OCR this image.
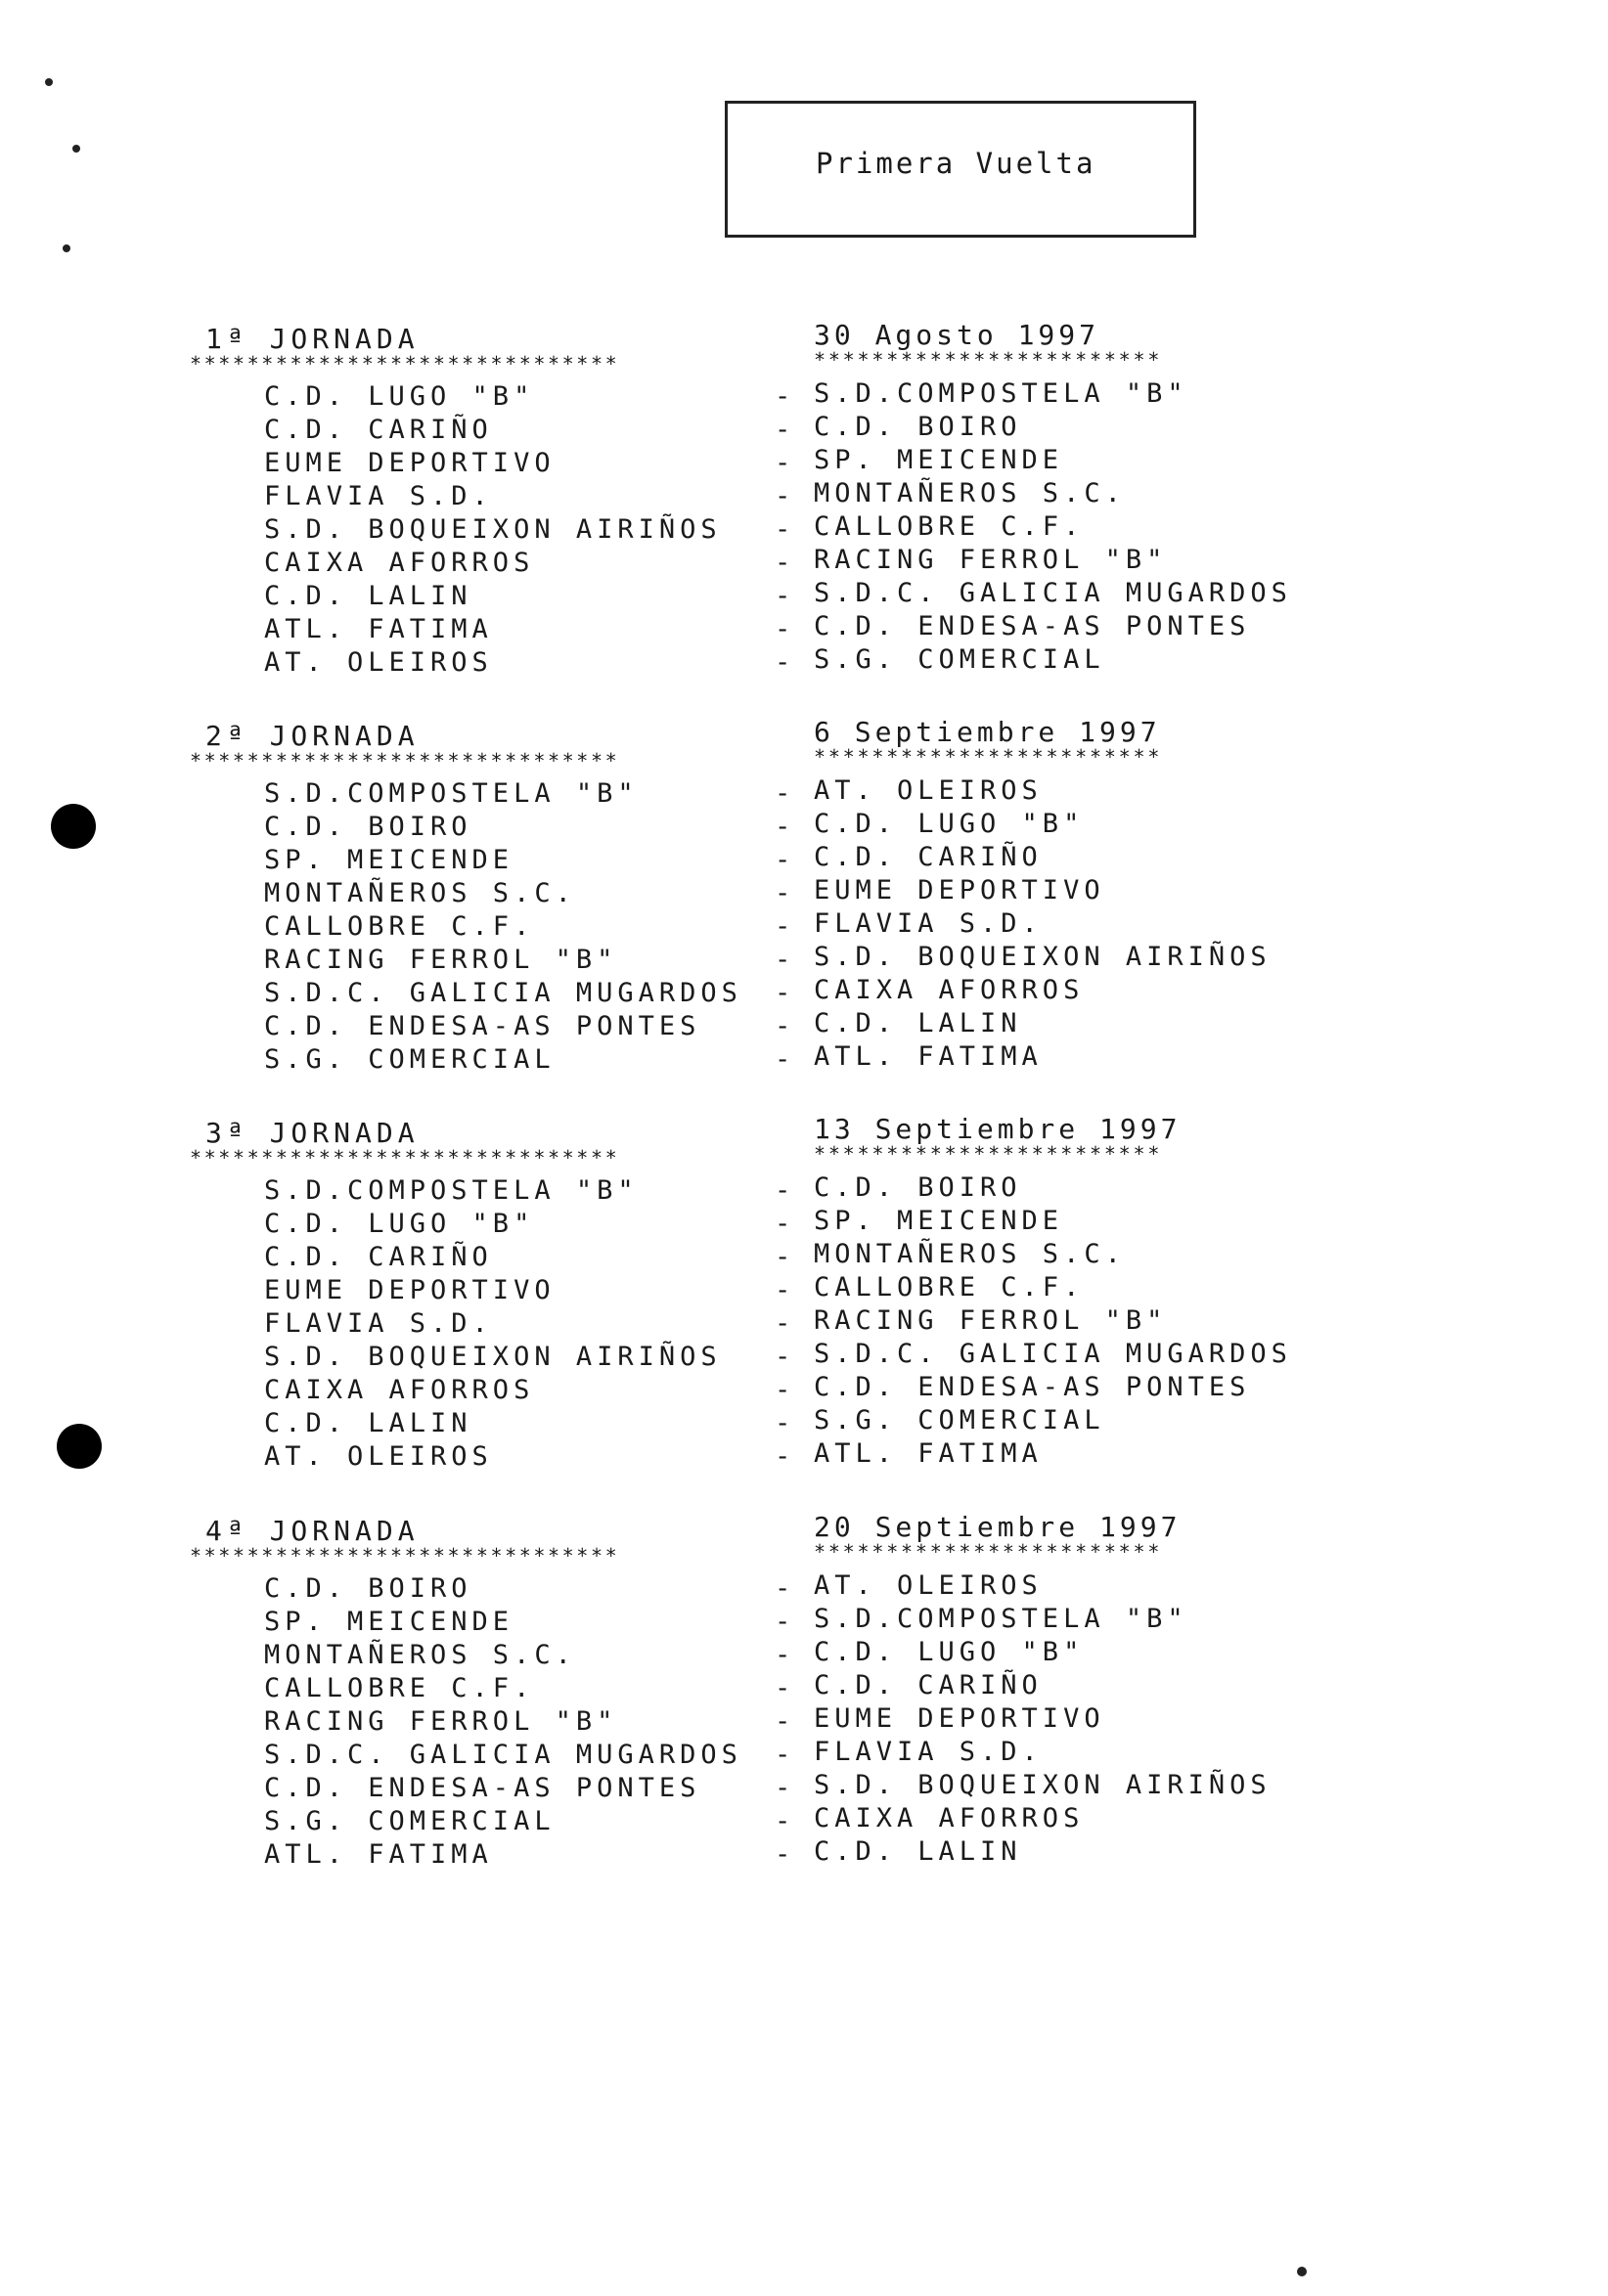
Primera Vuelta
1ª JORNADA	30 Agosto 1997
******************************	************************
C.D. LUGO "B"	- S.D.COMPOSTELA "B"
C.D. CARIÑO	- C.D. BOIRO
EUME DEPORTIVO	- SP. MEICENDE
FLAVIA S.D.	- MONTAÑEROS S.C.
S.D. BOQUEIXON AIRIÑOS - CALLOBRE C.F.
CAIXA AFORROS	- RACING FERROL "B"
C.D. LALIN	- S.D.C. GALICIA MUGARDOS
ATL. FATIMA	- C.D. ENDESA-AS PONTES
AT. OLEIROS	- S.G. COMERCIAL
2ª JORNADA	6 Septiembre 1997
******************************	************************
S.D.COMPOSTELA "B"	- AT. OLEIROS
C.D. BOIRO	- C.D. LUGO "B"
SP. MEICENDE	- C.D. CARIÑO
MONTAÑEROS S.C.	- EUME DEPORTIVO
CALLOBRE C.F.	- FLAVIA S.D.
RACING FERROL "B"	- S.D. BOQUEIXON AIRIÑOS
S.D.C. GALICIA MUGARDOS - CAIXA AFORROS
C.D. ENDESA-AS PONTES	- C.D. LALIN
S.G. COMERCIAL	- ATL. FATIMA
3ª JORNADA	13 Septiembre 1997
******************************	************************
S.D.COMPOSTELA "B"	- C.D. BOIRO
C.D. LUGO "B"	- SP. MEICENDE
C.D. CARIÑO	- MONTAÑEROS S.C.
EUME DEPORTIVO	- CALLOBRE C.F.
FLAVIA S.D.	- RACING FERROL "B"
S.D. BOQUEIXON AIRIÑOS - S.D.C. GALICIA MUGARDOS
CAIXA AFORROS	- C.D. ENDESA-AS PONTES
C.D. LALIN	- S.G. COMERCIAL
AT. OLEIROS	- ATL. FATIMA
4ª JORNADA	20 Septiembre 1997
******************************	************************
C.D. BOIRO	- AT. OLEIROS
SP. MEICENDE	- S.D.COMPOSTELA "B"
MONTAÑEROS S.C.	- C.D. LUGO "B"
CALLOBRE C.F.	- C.D. CARIÑO
RACING FERROL "B"	- EUME DEPORTIVO
S.D.C. GALICIA MUGARDOS - FLAVIA S.D.
C.D. ENDESA-AS PONTES	- S.D. BOQUEIXON AIRIÑOS
S.G. COMERCIAL	- CAIXA AFORROS
ATL. FATIMA	- C.D. LALIN
